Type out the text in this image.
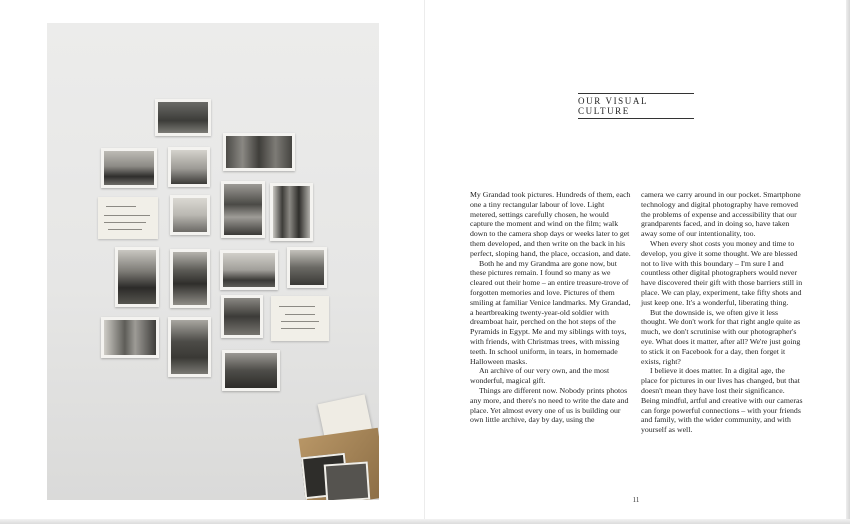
OUR VISUAL CULTURE

My Grandad took pictures. Hundreds of them, each one a tiny rectangular labour of love. Light metered, settings carefully chosen, he would capture the moment and wind on the film; walk down to the camera shop days or weeks later to get them developed, and then write on the back in his perfect, sloping hand, the place, occasion, and date.

Both he and my Grandma are gone now, but these pictures remain. I found so many as we cleared out their home – an entire treasure-trove of forgotten memories and love. Pictures of them smiling at familiar Venice landmarks. My Grandad, a heartbreaking twenty-year-old soldier with dreamboat hair, perched on the hot steps of the Pyramids in Egypt. Me and my siblings with toys, with friends, with Christmas trees, with missing teeth. In school uniform, in tears, in homemade Halloween masks.

An archive of our very own, and the most wonderful, magical gift.

Things are different now. Nobody prints photos any more, and there's no need to write the date and place. Yet almost every one of us is building our own little archive, day by day, using the

camera we carry around in our pocket. Smartphone technology and digital photography have removed the problems of expense and accessibility that our grandparents faced, and in doing so, have taken away some of our intentionality, too.

When every shot costs you money and time to develop, you give it some thought. We are blessed not to live with this boundary – I'm sure I and countless other digital photographers would never have discovered their gift with those barriers still in place. We can play, experiment, take fifty shots and just keep one. It's a wonderful, liberating thing.

But the downside is, we often give it less thought. We don't work for that right angle quite as much, we don't scrutinise with our photographer's eye. What does it matter, after all? We're just going to stick it on Facebook for a day, then forget it exists, right?

I believe it does matter. In a digital age, the place for pictures in our lives has changed, but that doesn't mean they have lost their significance. Being mindful, artful and creative with our cameras can forge powerful connections – with your friends and family, with the wider community, and with yourself as well.

11
